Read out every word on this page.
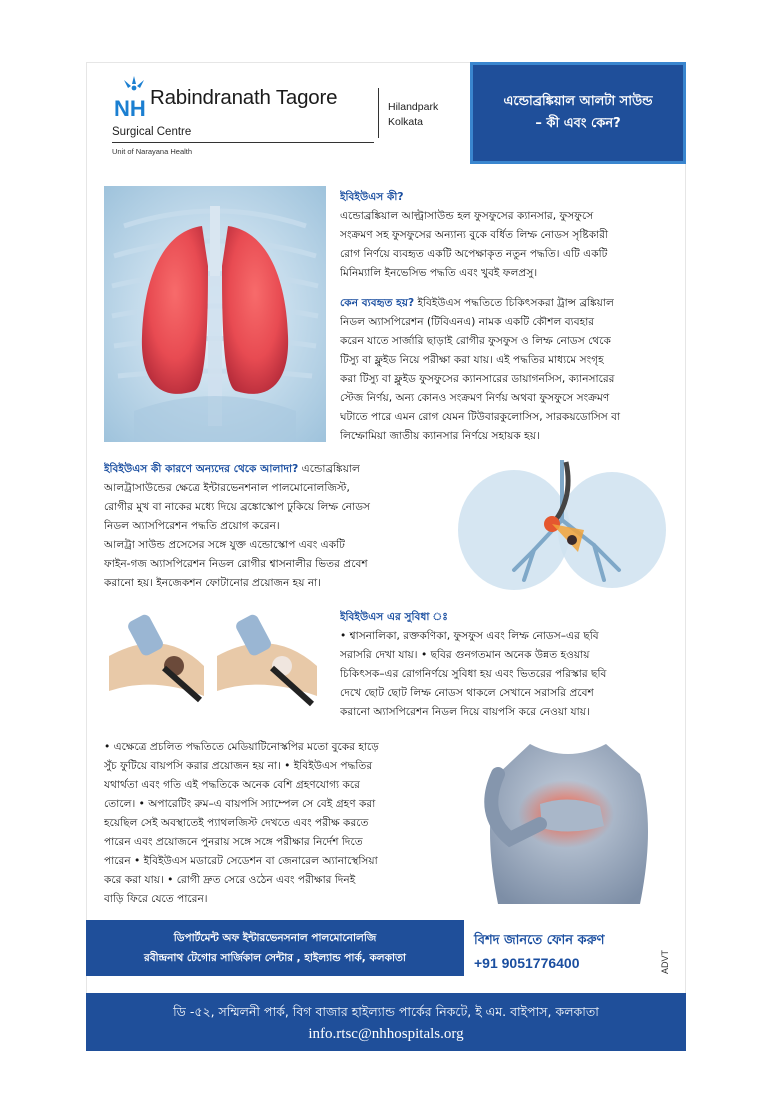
NH Rabindranath Tagore
Surgical Centre
Unit of Narayana Health
Hilandpark
Kolkata
এন্ডোব্রঙ্কিয়াল আলটা সাউন্ড
– কী এবং কেন?
ইবিইউএস কী?
এন্ডোব্রঙ্কিয়াল আল্ট্রাসাউন্ড হল ফুসফুসের ক্যানসার, ফুসফুসে
সংক্রমণ সহ ফুসফুসের অন্যান্য বুকে বর্ধিত লিম্ফ নোডস সৃষ্টিকারী
রোগ নির্ণয়ে ব্যবহৃত একটি অপেক্ষাকৃত নতুন পদ্ধতি। এটি একটি
মিনিম্যালি ইনভেসিভ পদ্ধতি এবং খুবই ফলপ্রসু।
কেন ব্যবহৃত হয়? ইবিইউএস পদ্ধতিতে চিকিৎসকরা ট্রান্স ব্রঙ্কিয়াল
নিডল অ্যাসপিরেশন (টিবিএনএ) নামক একটি কৌশল ব্যবহার
করেন যাতে সার্জারি ছাড়াই রোগীর ফুসফুস ও লিম্ফ নোডস থেকে
টিস্যু বা ফ্লুইড নিয়ে পরীক্ষা করা যায়। এই পদ্ধতির মাধ্যমে সংগৃহ
করা টিস্যু বা ফ্লুইড ফুসফুসের ক্যানসারের ডায়াগনসিস, ক্যানসারের
স্টেজ নির্ণয়, অন্য কোনও সংক্রমণ নির্ণয় অথবা ফুসফুসে সংক্রমণ
ঘটাতে পারে এমন রোগ যেমন টিউবারকুলোসিস, সারকয়ডোসিস বা
লিম্ফোমিয়া জাতীয় ক্যানসার নির্ণয়ে সহায়ক হয়।
ইবিইউএস কী কারণে অন্যদের থেকে আলাদা? এন্ডোব্রঙ্কিয়াল
আলট্রাসাউন্ডের ক্ষেত্রে ইন্টারভেনশনাল পালমোনোলজিস্ট,
রোগীর মুখ বা নাকের মধ্যে দিয়ে ব্রঙ্কোস্কোপ ঢুকিয়ে লিম্ফ নোডস
নিডল অ্যাসপিরেশন পদ্ধতি প্রয়োগ করেন।
আলট্রা সাউন্ড প্রসেসের সঙ্গে যুক্ত এন্ডোস্কোপ এবং একটি
ফাইন-গজ অ্যাসপিরেশন নিডল রোগীর শ্বাসনালীর ভিতর প্রবেশ
করানো হয়। ইনজেকশন ফোটানোর প্রয়োজন হয় না।
ইবিইউএস এর সুবিধা ঃ
• শ্বাসনালিকা, রক্তকণিকা, ফুসফুস এবং লিম্ফ নোডস–এর ছবি
সরাসরি দেখা যায়। • ছবির গুনগতমান অনেক উন্নত হওয়ায়
চিকিৎসক–এর রোগনির্ণয়ে সুবিধা হয় এবং ভিতরের পরিস্কার ছবি
দেখে ছোট ছোট লিম্ফ নোডস থাকলে সেখানে সরাসরি প্রবেশ
করানো অ্যাসপিরেশন নিডল দিয়ে বায়পসি করে নেওয়া যায়।
• এক্ষেত্রে প্রচলিত পদ্ধতিতে মেডিয়াটিনোস্কপির মতো বুকের হাড়ে
সুঁচ ফুটিয়ে বায়পসি করার প্রয়োজন হয় না। • ইবিইউএস পদ্ধতির
যথার্থতা এবং গতি এই পদ্ধতিকে অনেক বেশি গ্রহণযোগ্য করে
তোলে। • অপারেটিং রুম–এ বায়পসি স্যাম্পেল সে বেই গ্রহণ করা
হয়েছিল সেই অবস্থাতেই প্যাথলজিস্ট দেখতে এবং পরীক্ষ করতে
পারেন এবং প্রয়োজনে পুনরায় সঙ্গে সঙ্গে পরীক্ষার নির্দেশ দিতে
পারেন • ইবিইউএস মডারেট সেডেশন বা জেনারেল অ্যানাস্থেসিয়া
করে করা যায়। • রোগী দ্রুত সেরে ওঠেন এবং পরীক্ষার দিনই
বাড়ি ফিরে যেতে পারেন।
ডিপার্টমেন্ট অফ ইন্টারভেনসনাল পালমোনোলজি
রবীন্দ্রনাথ টেগোর সার্জিকাল সেন্টার , হাইল্যান্ড পার্ক, কলকাতা
বিশদ জানতে ফোন করুণ
+91 9051776400	ADVT
ডি -৫২, সম্মিলনী পার্ক, বিগ বাজার হাইল্যান্ড পার্কের নিকটে, ই এম. বাইপাস, কলকাতা
info.rtsc@nhhospitals.org
